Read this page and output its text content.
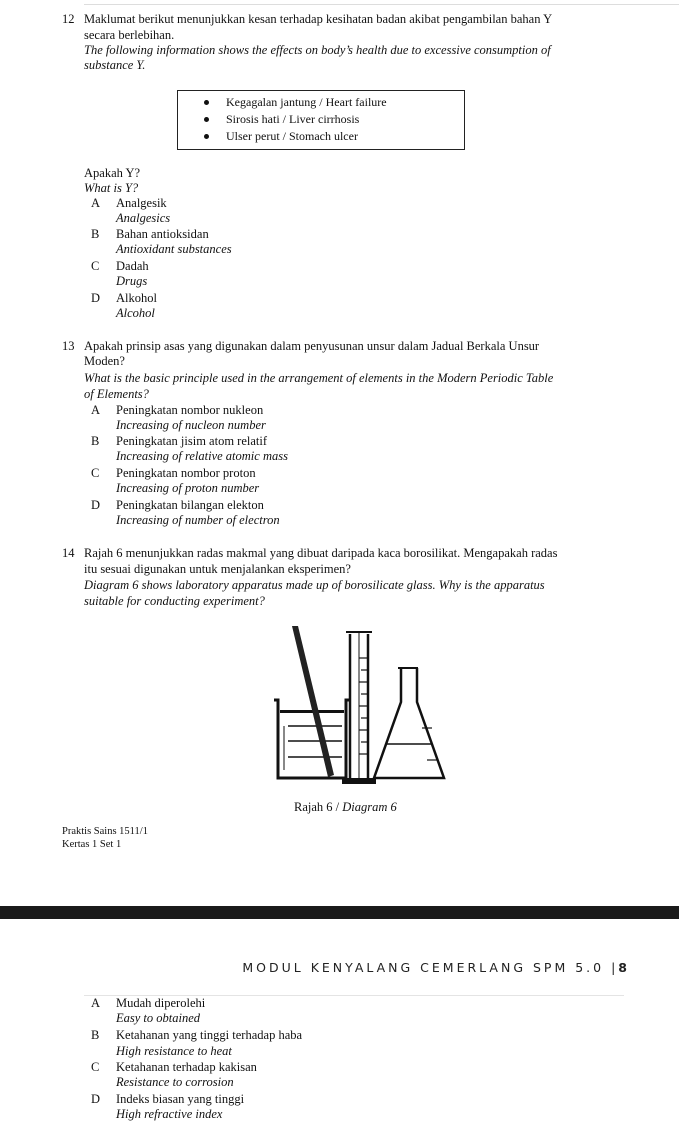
12 Maklumat berikut menunjukkan kesan terhadap kesihatan badan akibat pengambilan bahan Y
secara berlebihan.
The following information shows the effects on body’s health due to excessive consumption of
substance Y.
Kegagalan jantung / Heart failure
Sirosis hati / Liver cirrhosis
Ulser perut / Stomach ulcer
Apakah Y?
What is Y?
A Analgesik
Analgesics
B Bahan antioksidan
Antioxidant substances
C Dadah
Drugs
D Alkohol
Alcohol
13 Apakah prinsip asas yang digunakan dalam penyusunan unsur dalam Jadual Berkala Unsur
Moden?
What is the basic principle used in the arrangement of elements in the Modern Periodic Table
of Elements?
A Peningkatan nombor nukleon
Increasing of nucleon number
B Peningkatan jisim atom relatif
Increasing of relative atomic mass
C Peningkatan nombor proton
Increasing of proton number
D Peningkatan bilangan elekton
Increasing of number of electron
14 Rajah 6 menunjukkan radas makmal yang dibuat daripada kaca borosilikat. Mengapakah radas
itu sesuai digunakan untuk menjalankan eksperimen?
Diagram 6 shows laboratory apparatus made up of borosilicate glass. Why is the apparatus
suitable for conducting experiment?
Rajah 6 / Diagram 6
Praktis Sains 1511/1
Kertas 1 Set 1
MODUL KENYALANG CEMERLANG SPM 5.0 |8
A Mudah diperolehi
Easy to obtained
B Ketahanan yang tinggi terhadap haba
High resistance to heat
C Ketahanan terhadap kakisan
Resistance to corrosion
D Indeks biasan yang tinggi
High refractive index
